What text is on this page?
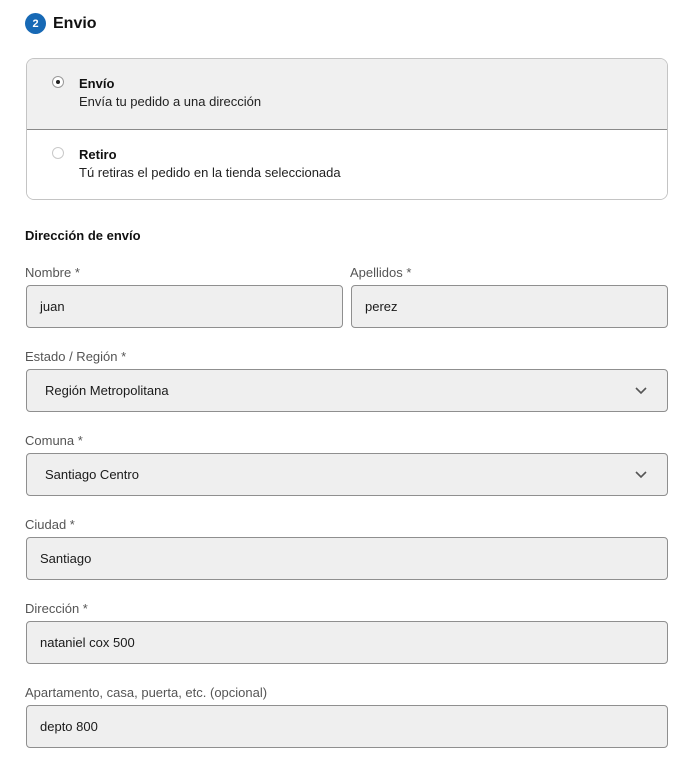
2 Envio
Envío
Envía tu pedido a una dirección
Retiro
Tú retiras el pedido en la tienda seleccionada
Dirección de envío
Nombre *
juan
Apellidos *
perez
Estado / Región *
Región Metropolitana
Comuna *
Santiago Centro
Ciudad *
Santiago
Dirección *
nataniel cox 500
Apartamento, casa, puerta, etc. (opcional)
depto 800
